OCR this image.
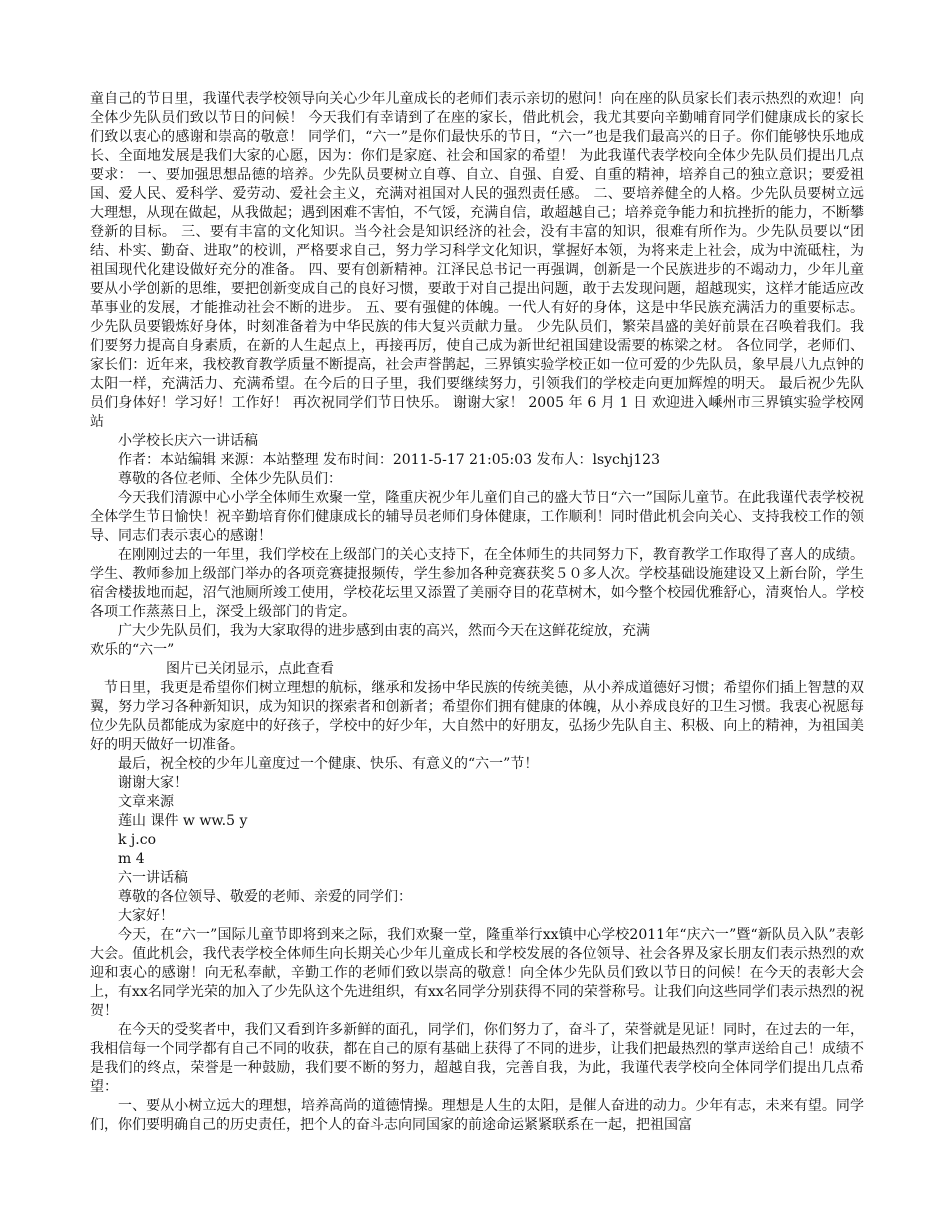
童自己的节日里，我谨代表学校领导向关心少年儿童成长的老师们表示亲切的慰问！向在座的队员家长们表示热烈的欢迎！向全体少先队员们致以节日的问候！ 今天我们有幸请到了在座的家长，借此机会，我尤其要向辛勤哺育同学们健康成长的家长们致以衷心的感谢和崇高的敬意！ 同学们，“六一”是你们最快乐的节日，“六一”也是我们最高兴的日子。你们能够快乐地成长、全面地发展是我们大家的心愿，因为：你们是家庭、社会和国家的希望！ 为此我谨代表学校向全体少先队员们提出几点要求： 一、要加强思想品德的培养。少先队员要树立自尊、自立、自强、自爱、自重的精神，培养自己的独立意识；要爱祖国、爱人民、爱科学、爱劳动、爱社会主义，充满对祖国对人民的强烈责任感。 二、要培养健全的人格。少先队员要树立远大理想，从现在做起，从我做起；遇到困难不害怕，不气馁，充满自信，敢超越自己；培养竞争能力和抗挫折的能力，不断攀登新的目标。 三、要有丰富的文化知识。当今社会是知识经济的社会，没有丰富的知识，很难有所作为。少先队员要以“团结、朴实、勤奋、进取”的校训，严格要求自己，努力学习科学文化知识，掌握好本领，为将来走上社会，成为中流砥柱，为祖国现代化建设做好充分的准备。 四、要有创新精神。江泽民总书记一再强调，创新是一个民族进步的不竭动力，少年儿童要从小学创新的思维，要把创新变成自己的良好习惯，要敢于对自己提出问题，敢于去发现问题，超越现实，这样才能适应改革事业的发展，才能推动社会不断的进步。 五、要有强健的体魄。一代人有好的身体，这是中华民族充满活力的重要标志。少先队员要锻炼好身体，时刻准备着为中华民族的伟大复兴贡献力量。 少先队员们，繁荣昌盛的美好前景在召唤着我们。我们要努力提高自身素质，在新的人生起点上，再接再厉，使自己成为新世纪祖国建设需要的栋梁之材。 各位同学，老师们、家长们：近年来，我校教育教学质量不断提高，社会声誉鹊起，三界镇实验学校正如一位可爱的少先队员，象早晨八九点钟的太阳一样，充满活力、充满希望。在今后的日子里，我们要继续努力，引领我们的学校走向更加辉煌的明天。 最后祝少先队员们身体好！学习好！工作好！ 再次祝同学们节日快乐。 谢谢大家！ 2005 年 6 月 1 日 欢迎进入嵊州市三界镇实验学校网站

小学校长庆六一讲话稿

作者：本站编辑 来源：本站整理 发布时间：2011-5-17 21:05:03 发布人：lsychj123

尊敬的各位老师、全体少先队员们：

今天我们清源中心小学全体师生欢聚一堂，隆重庆祝少年儿童们自己的盛大节日“六一”国际儿童节。在此我谨代表学校祝全体学生节日愉快！祝辛勤培育你们健康成长的辅导员老师们身体健康，工作顺利！同时借此机会向关心、支持我校工作的领导、同志们表示衷心的感谢！

在刚刚过去的一年里，我们学校在上级部门的关心支持下，在全体师生的共同努力下，教育教学工作取得了喜人的成绩。学生、教师参加上级部门举办的各项竞赛捷报频传，学生参加各种竞赛获奖５０多人次。学校基础设施建设又上新台阶，学生宿舍楼拔地而起，沼气池厕所竣工使用，学校花坛里又添置了美丽夺目的花草树木，如今整个校园优雅舒心，清爽怡人。学校各项工作蒸蒸日上，深受上级部门的肯定。

广大少先队员们，我为大家取得的进步感到由衷的高兴，然而今天在这鲜花绽放，充满

欢乐的“六一”

图片已关闭显示，点此查看

节日里，我更是希望你们树立理想的航标，继承和发扬中华民族的传统美德，从小养成道德好习惯；希望你们插上智慧的双翼，努力学习各种新知识，成为知识的探索者和创新者；希望你们拥有健康的体魄，从小养成良好的卫生习惯。我衷心祝愿每位少先队员都能成为家庭中的好孩子，学校中的好少年，大自然中的好朋友，弘扬少先队自主、积极、向上的精神，为祖国美好的明天做好一切准备。

最后，祝全校的少年儿童度过一个健康、快乐、有意义的“六一”节！

谢谢大家！

文章来源

莲山 课件 w ww.5 y

k j.co

m 4

六一讲话稿

尊敬的各位领导、敬爱的老师、亲爱的同学们：

大家好！

今天，在“六一”国际儿童节即将到来之际，我们欢聚一堂，隆重举行xx镇中心学校2011年“庆六一”暨“新队员入队”表彰大会。值此机会，我代表学校全体师生向长期关心少年儿童成长和学校发展的各位领导、社会各界及家长朋友们表示热烈的欢迎和衷心的感谢！向无私奉献，辛勤工作的老师们致以崇高的敬意！向全体少先队员们致以节日的问候！在今天的表彰大会上，有xx名同学光荣的加入了少先队这个先进组织，有xx名同学分别获得不同的荣誉称号。让我们向这些同学们表示热烈的祝贺！

在今天的受奖者中，我们又看到许多新鲜的面孔，同学们，你们努力了，奋斗了，荣誉就是见证！同时，在过去的一年，我相信每一个同学都有自己不同的收获，都在自己的原有基础上获得了不同的进步，让我们把最热烈的掌声送给自己！成绩不是我们的终点，荣誉是一种鼓励，我们要不断的努力，超越自我，完善自我，为此，我谨代表学校向全体同学们提出几点希望：

一、要从小树立远大的理想，培养高尚的道德情操。理想是人生的太阳，是催人奋进的动力。少年有志，未来有望。同学们，你们要明确自己的历史责任，把个人的奋斗志向同国家的前途命运紧紧联系在一起，把祖国富
